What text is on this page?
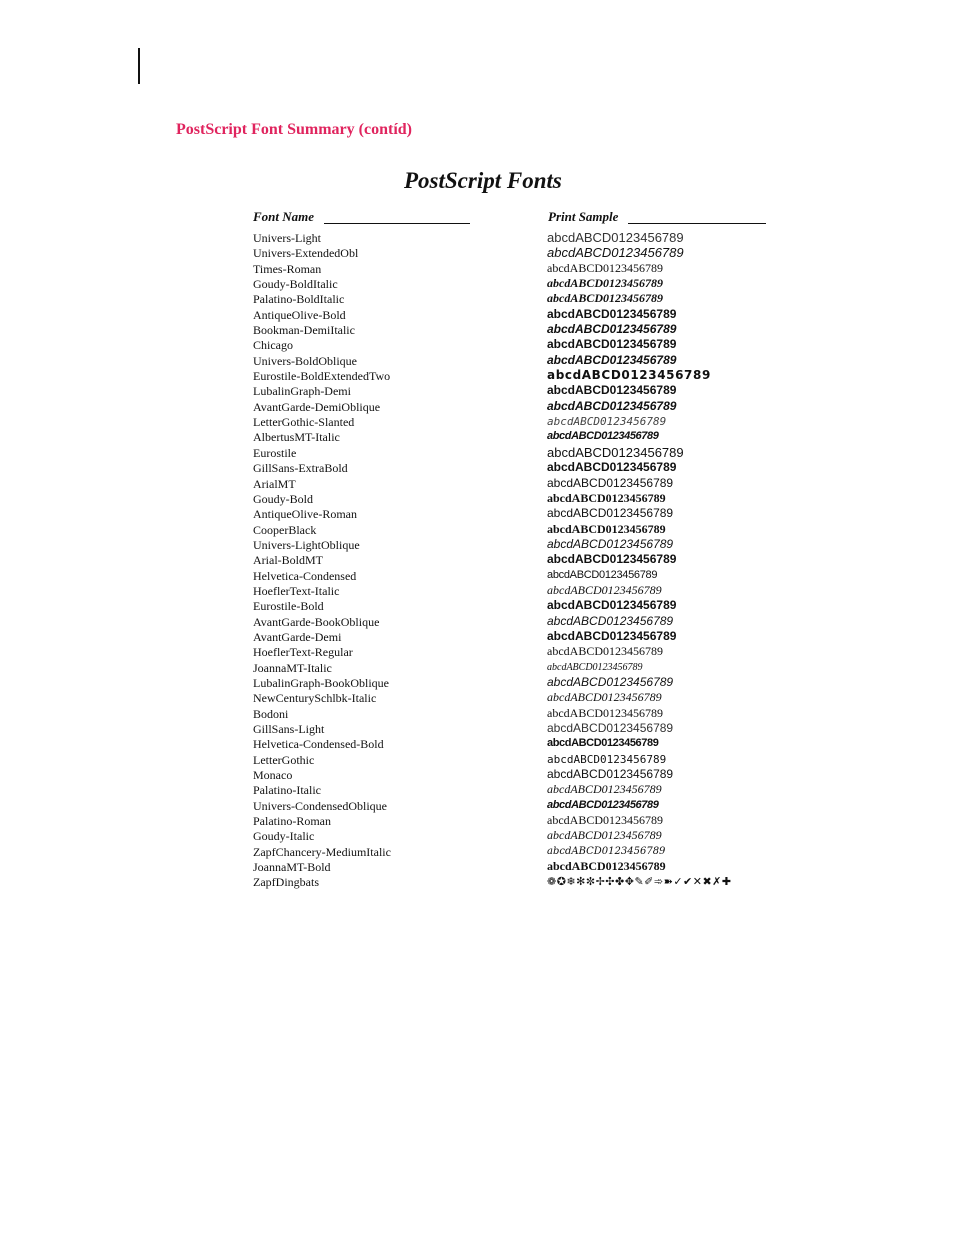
PostScript Font Summary (contíd)
PostScript Fonts
Font Name	Print Sample
Univers-Light
Univers-ExtendedObl
Times-Roman
Goudy-BoldItalic
Palatino-BoldItalic
AntiqueOlive-Bold
Bookman-DemiItalic
Chicago
Univers-BoldOblique
Eurostile-BoldExtendedTwo
LubalinGraph-Demi
AvantGarde-DemiOblique
LetterGothic-Slanted
AlbertusMT-Italic
Eurostile
GillSans-ExtraBold
ArialMT
Goudy-Bold
AntiqueOlive-Roman
CooperBlack
Univers-LightOblique
Arial-BoldMT
Helvetica-Condensed
HoeflerText-Italic
Eurostile-Bold
AvantGarde-BookOblique
AvantGarde-Demi
HoeflerText-Regular
JoannaMT-Italic
LubalinGraph-BookOblique
NewCenturySchlbk-Italic
Bodoni
GillSans-Light
Helvetica-Condensed-Bold
LetterGothic
Monaco
Palatino-Italic
Univers-CondensedOblique
Palatino-Roman
Goudy-Italic
ZapfChancery-MediumItalic
JoannaMT-Bold
ZapfDingbats
abcdABCD0123456789
abcdABCD0123456789
abcdABCD0123456789
abcdABCD0123456789
abcdABCD0123456789
abcdABCD0123456789
abcdABCD0123456789
abcdABCD0123456789
abcdABCD0123456789
abcdABCD0123456789
abcdABCD0123456789
abcdABCD0123456789
abcdABCD0123456789
abcdABCD0123456789
abcdABCD0123456789
abcdABCD0123456789
abcdABCD0123456789
abcdABCD0123456789
abcdABCD0123456789
abcdABCD0123456789
abcdABCD0123456789
abcdABCD0123456789
abcdABCD0123456789
abcdABCD0123456789
abcdABCD0123456789
abcdABCD0123456789
abcdABCD0123456789
abcdABCD0123456789
abcdABCD0123456789
abcdABCD0123456789
abcdABCD0123456789
abcdABCD0123456789
abcdABCD0123456789
abcdABCD0123456789
abcdABCD0123456789
abcdABCD0123456789
abcdABCD0123456789
abcdABCD0123456789
abcdABCD0123456789
abcdABCD0123456789
abcdABCD0123456789
abcdABCD0123456789
❁✪❄✻✼✢✣✤✥✎✐➾➽✓✔✕✖✗✚
